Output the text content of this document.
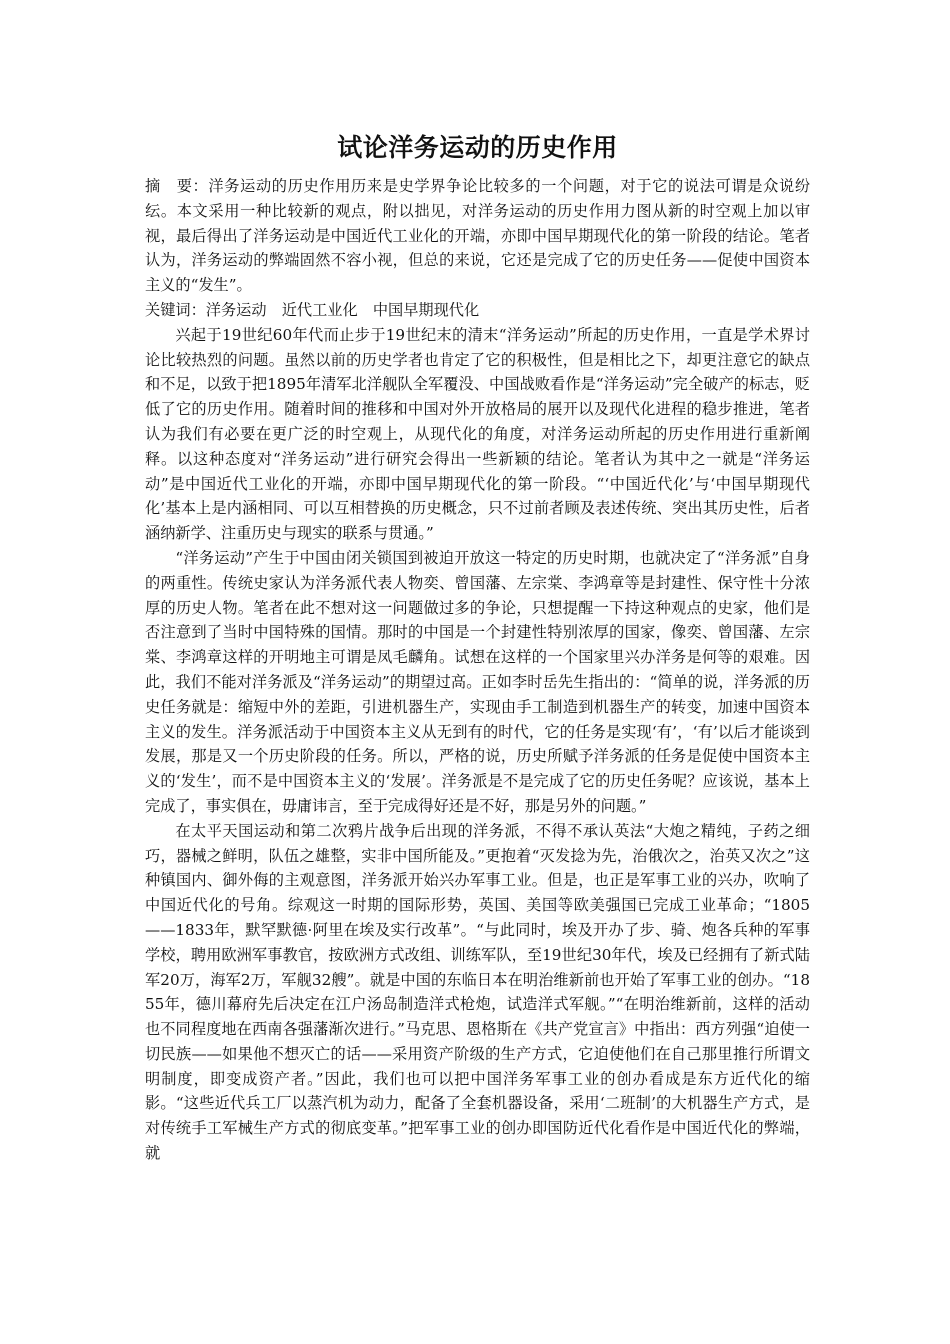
试论洋务运动的历史作用

摘　要：洋务运动的历史作用历来是史学界争论比较多的一个问题，对于它的说法可谓是众说纷纭。本文采用一种比较新的观点，附以拙见，对洋务运动的历史作用力图从新的时空观上加以审视，最后得出了洋务运动是中国近代工业化的开端，亦即中国早期现代化的第一阶段的结论。笔者认为，洋务运动的弊端固然不容小视，但总的来说，它还是完成了它的历史任务——促使中国资本主义的“发生”。

关键词：洋务运动　近代工业化　中国早期现代化

兴起于19世纪60年代而止步于19世纪末的清末“洋务运动”所起的历史作用，一直是学术界讨论比较热烈的问题。虽然以前的历史学者也肯定了它的积极性，但是相比之下，却更注意它的缺点和不足，以致于把1895年清军北洋舰队全军覆没、中国战败看作是“洋务运动”完全破产的标志，贬低了它的历史作用。随着时间的推移和中国对外开放格局的展开以及现代化进程的稳步推进，笔者认为我们有必要在更广泛的时空观上，从现代化的角度，对洋务运动所起的历史作用进行重新阐释。以这种态度对“洋务运动”进行研究会得出一些新颖的结论。笔者认为其中之一就是“洋务运动”是中国近代工业化的开端，亦即中国早期现代化的第一阶段。“‘中国近代化’与‘中国早期现代化’基本上是内涵相同、可以互相替换的历史概念，只不过前者顾及表述传统、突出其历史性，后者涵纳新学、注重历史与现实的联系与贯通。”

“洋务运动”产生于中国由闭关锁国到被迫开放这一特定的历史时期，也就决定了“洋务派”自身的两重性。传统史家认为洋务派代表人物奕、曾国藩、左宗棠、李鸿章等是封建性、保守性十分浓厚的历史人物。笔者在此不想对这一问题做过多的争论，只想提醒一下持这种观点的史家，他们是否注意到了当时中国特殊的国情。那时的中国是一个封建性特别浓厚的国家，像奕、曾国藩、左宗棠、李鸿章这样的开明地主可谓是凤毛麟角。试想在这样的一个国家里兴办洋务是何等的艰难。因此，我们不能对洋务派及“洋务运动”的期望过高。正如李时岳先生指出的：“简单的说，洋务派的历史任务就是：缩短中外的差距，引进机器生产，实现由手工制造到机器生产的转变，加速中国资本主义的发生。洋务派活动于中国资本主义从无到有的时代，它的任务是实现‘有’，‘有’以后才能谈到发展，那是又一个历史阶段的任务。所以，严格的说，历史所赋予洋务派的任务是促使中国资本主义的‘发生’，而不是中国资本主义的‘发展’。洋务派是不是完成了它的历史任务呢？应该说，基本上完成了，事实俱在，毋庸讳言，至于完成得好还是不好，那是另外的问题。”

在太平天国运动和第二次鸦片战争后出现的洋务派，不得不承认英法“大炮之精纯，子药之细巧，器械之鲜明，队伍之雄整，实非中国所能及。”更抱着“灭发捻为先，治俄次之，治英又次之”这种镇国内、御外侮的主观意图，洋务派开始兴办军事工业。但是，也正是军事工业的兴办，吹响了中国近代化的号角。综观这一时期的国际形势，英国、美国等欧美强国已完成工业革命；“1805——1833年，默罕默德·阿里在埃及实行改革”。“与此同时，埃及开办了步、骑、炮各兵种的军事学校，聘用欧洲军事教官，按欧洲方式改组、训练军队，至19世纪30年代，埃及已经拥有了新式陆军20万，海军2万，军舰32艘”。就是中国的东临日本在明治维新前也开始了军事工业的创办。“1855年，德川幕府先后决定在江户汤岛制造洋式枪炮，试造洋式军舰。”“在明治维新前，这样的活动也不同程度地在西南各强藩渐次进行。”马克思、恩格斯在《共产党宣言》中指出：西方列强“迫使一切民族——如果他不想灭亡的话——采用资产阶级的生产方式，它迫使他们在自己那里推行所谓文明制度，即变成资产者。”因此，我们也可以把中国洋务军事工业的创办看成是东方近代化的缩影。“这些近代兵工厂以蒸汽机为动力，配备了全套机器设备，采用‘二班制’的大机器生产方式，是对传统手工军械生产方式的彻底变革。”把军事工业的创办即国防近代化看作是中国近代化的弊端，就
